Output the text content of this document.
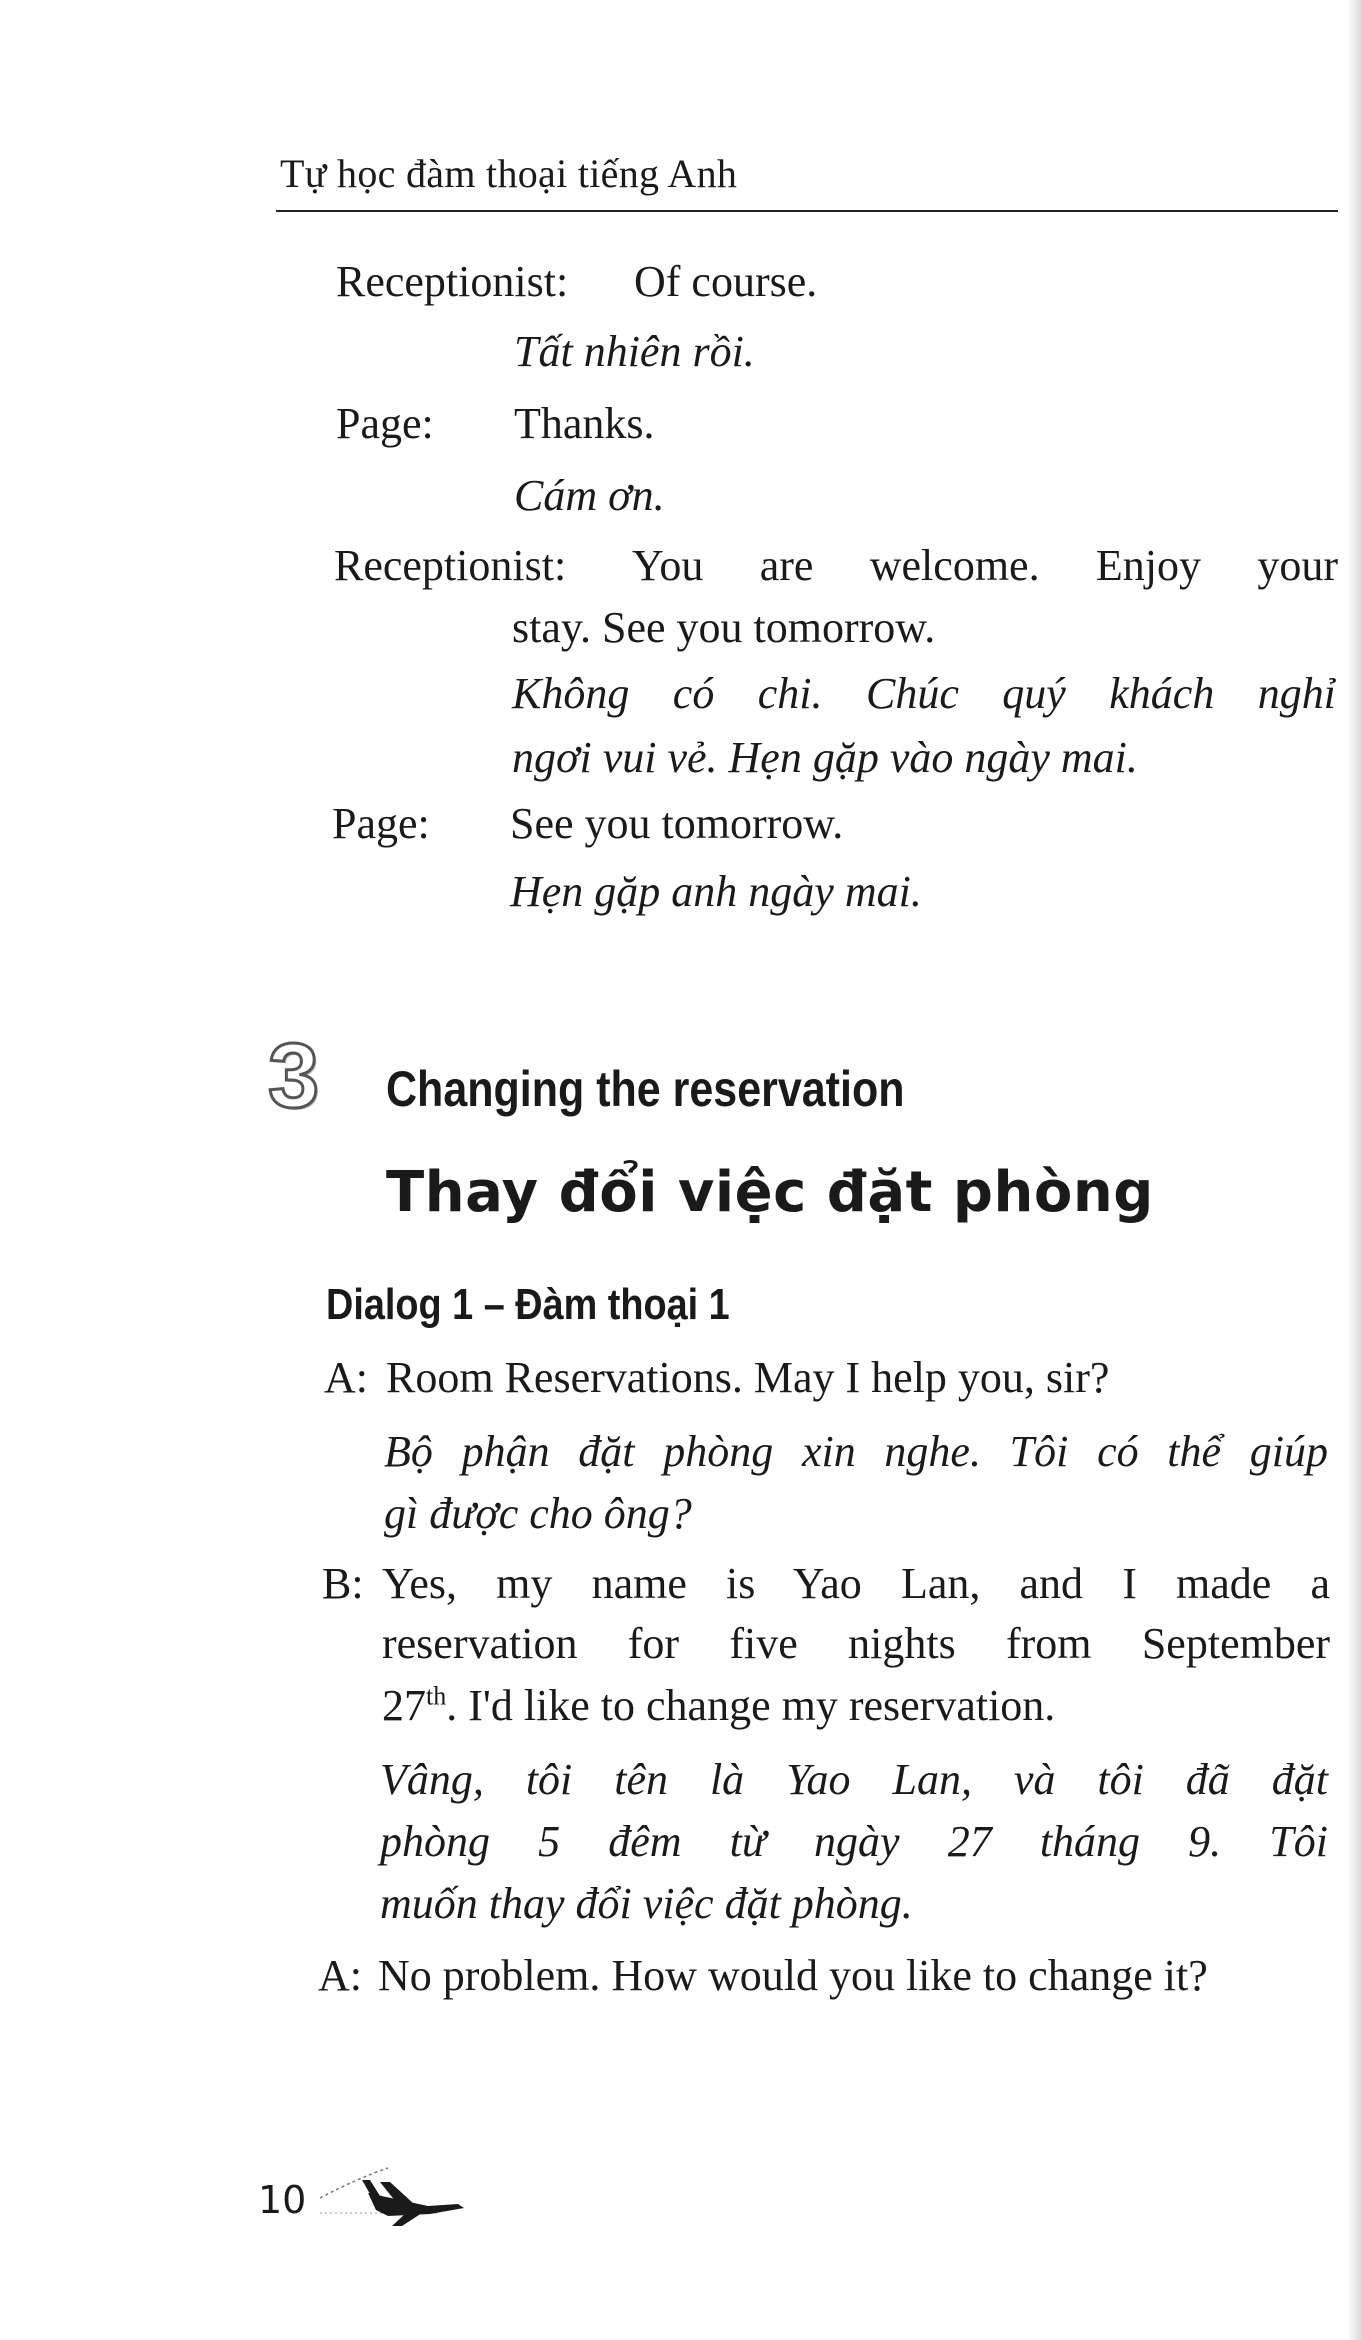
Tự học đàm thoại tiếng Anh
Receptionist: Of course.
Tất nhiên rồi.
Page: Thanks.
Cám ơn.
Receptionist: You are welcome. Enjoy your
stay. See you tomorrow.
Không có chi. Chúc quý khách nghỉ
ngơi vui vẻ. Hẹn gặp vào ngày mai.
Page: See you tomorrow.
Hẹn gặp anh ngày mai.
3 Changing the reservation
Thay đổi việc đặt phòng
Dialog 1 – Đàm thoại 1
A: Room Reservations. May I help you, sir?
Bộ phận đặt phòng xin nghe. Tôi có thể giúp
gì được cho ông?
B: Yes, my name is Yao Lan, and I made a
reservation for five nights from September
27th. I'd like to change my reservation.
Vâng, tôi tên là Yao Lan, và tôi đã đặt
phòng 5 đêm từ ngày 27 tháng 9. Tôi
muốn thay đổi việc đặt phòng.
A: No problem. How would you like to change it?
10
